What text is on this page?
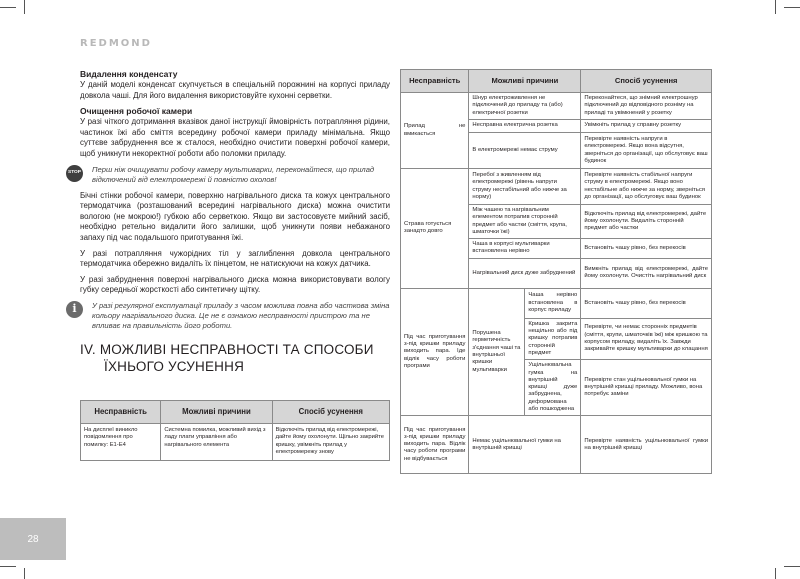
REDMOND
Видалення конденсату

У даній моделі конденсат скупчується в спеціальній порожнині на корпусі приладу довкола чаші. Для його видалення використовуйте кухонні серветки.

Очищення робочої камери

У разі чіткого дотримання вказівок даної інструкції ймовірність потрапляння рідини, частинок їжі або сміття всередину робочої камери приладу мінімальна. Якщо суттєве забруднення все ж сталося, необхідно очистити поверхні робочої камери, щоб уникнути некоректної роботи або поломки приладу.

STOP Перш ніж очищувати робочу камеру мультиварки, переконайтеся, що прилад відключений від електромережі й повністю охолов!

Бічні стінки робочої камери, поверхню нагрівального диска та кожух центрального термодатчика (розташований всередині нагрівального диска) можна очистити вологою (не мокрою!) губкою або серветкою. Якщо ви застосовуєте мийний засіб, необхідно ретельно видалити його залишки, щоб уникнути появи небажаного запаху під час подальшого приготування їжі.

У разі потрапляння чужорідних тіл у заглиблення довкола центрального термодатчика обережно видаліть їх пінцетом, не натискуючи на кожух датчика.

У разі забруднення поверхні нагрівального диска можна використовувати вологу губку середньої жорсткості або синтетичну щітку.

i	У разі регулярної експлуатації приладу з часом можлива повна або часткова зміна кольору нагрівального диска. Це не є ознакою несправності пристрою та не впливає на правильність його роботи.
IV. МОЖЛИВІ НЕСПРАВНОСТІ ТА СПОСОБИ ЇХНЬОГО УСУНЕННЯ
Несправність	Можливі причини	Спосіб усунення
На дисплеї виникло повідомлення про помилку: E1-E4	Системна помилка, можливий вихід з ладу плати управління або нагрівального елемента	Відключіть прилад від електромережі, дайте йому охолонути. Щільно закрийте кришку, увімкніть прилад у електромережу знову
Несправність	Можливі причини		Спосіб усунення
Прилад не вмикається	Шнур електроживлення не підключений до приладу та (або) електричної розетки		Переконайтеся, що знімний електрошнур підключений до відповідного розніму на приладі та увімкнений у розетку
	Несправна електрична розетка		Увімкніть прилад у справну розетку
	В електромережі немає струму		Перевірте наявність напруги в електромережі. Якщо вона відсутня, зверніться до організації, що обслуговує ваш будинок
Страва готується занадто довго	Перебої з живленням від електромережі (рівень напруги струму нестабільний або нижче за норму)		Перевірте наявність стабільної напруги струму в електромережі. Якщо воно нестабільне або нижче за норму, зверніться до організації, що обслуговує ваш будинок
	Між чашею та нагрівальним елементом потрапив сторонній предмет або частки (сміття, крупа, шматочки їжі)		Відключіть прилад від електромережі, дайте йому охолонути. Видаліть сторонній предмет або частки
	Чаша в корпусі мультиварки встановлена нерівно		Встановіть чашу рівно, без перекосів
	Нагрівальний диск дуже забруднений		Вимкніть прилад від електромережі, дайте йому охолонути. Очистіть нагрівальний диск
Під час приготування з-під кришки приладу виходить пара. Іде відлік часу роботи програми	Порушена герметичність з'єднання чаші та внутрішньої кришки мультиварки	Чаша нерівно встановлена в корпус приладу	Встановіть чашу рівно, без перекосів
		Кришка закрита нещільно або під кришку потрапив сторонній предмет	Перевірте, чи немає сторонніх предметів (сміття, крупи, шматочків їжі) між кришкою та корпусом приладу, видаліть їх. Завжди закривайте кришку мультиварки до клацання
		Ущільнювальна гумка на внутрішній кришці дуже забруднена, деформована або пошкоджена	Перевірте стан ущільнювальної гумки на внутрішній кришці приладу. Можливо, вона потребує заміни
Під час приготування з-під кришки приладу виходить пара. Відлік часу роботи програми не відбувається	Немає ущільнювальної гумки на внутрішній кришці		Перевірте наявність ущільнювальної гумки на внутрішній кришці
28
